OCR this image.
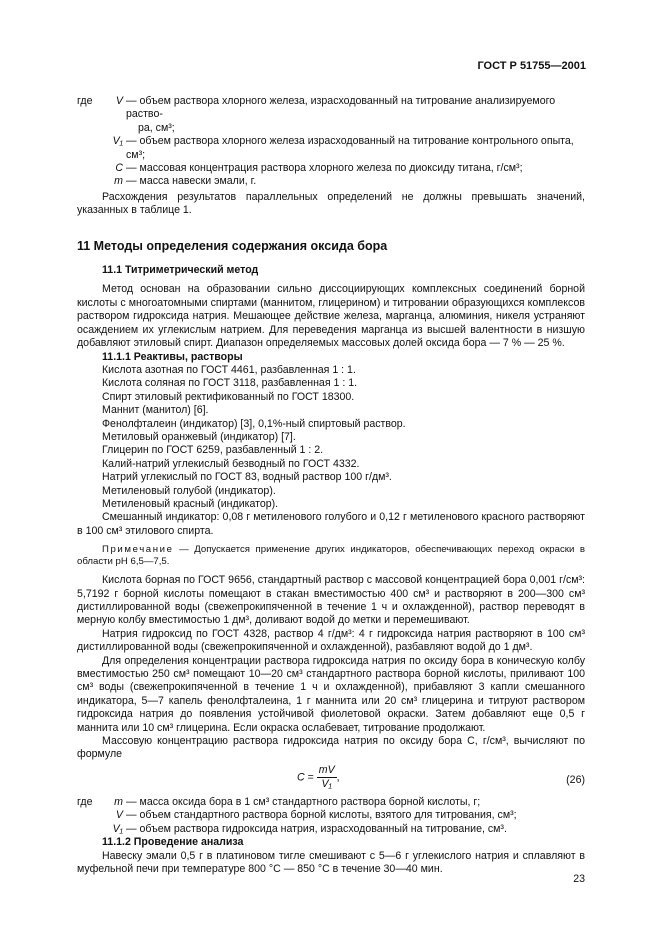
ГОСТ Р 51755—2001
где	V — объем раствора хлорного железа, израсходованный на титрование анализируемого раство-
ра, см³;
V₁ — объем раствора хлорного железа израсходованный на титрование контрольного опыта, см³;
C — массовая концентрация раствора хлорного железа по диоксиду титана, г/см³;
m — масса навески эмали, г.

Расхождения результатов параллельных определений не должны превышать значений, указанных в таблице 1.

11 Методы определения содержания оксида бора
11.1 Титриметрический метод

Метод основан на образовании сильно диссоциирующих комплексных соединений борной кислоты с многоатомными спиртами (маннитом, глицерином) и титровании образующихся комплексов раствором гидроксида натрия. Мешающее действие железа, марганца, алюминия, никеля устраняют осаждением их углекислым натрием. Для переведения марганца из высшей валентности в низшую добавляют этиловый спирт. Диапазон определяемых массовых долей оксида бора — 7 % — 25 %.

11.1.1 Реактивы, растворы

Кислота азотная по ГОСТ 4461, разбавленная 1 : 1.

Кислота соляная по ГОСТ 3118, разбавленная 1 : 1.

Спирт этиловый ректификованный по ГОСТ 18300.

Маннит (манитол) [6].

Фенолфталеин (индикатор) [3], 0,1%-ный спиртовый раствор.

Метиловый оранжевый (индикатор) [7].

Глицерин по ГОСТ 6259, разбавленный 1 : 2.

Калий-натрий углекислый безводный по ГОСТ 4332.

Натрий углекислый по ГОСТ 83, водный раствор 100 г/дм³.

Метиленовый голубой (индикатор).

Метиленовый красный (индикатор).

Смешанный индикатор: 0,08 г метиленового голубого и 0,12 г метиленового красного растворяют в 100 см³ этилового спирта.

Примечание — Допускается применение других индикаторов, обеспечивающих переход окраски в области pH 6,5—7,5.

Кислота борная по ГОСТ 9656, стандартный раствор с массовой концентрацией бора 0,001 г/см³: 5,7192 г борной кислоты помещают в стакан вместимостью 400 см³ и растворяют в 200—300 см³ дистиллированной воды (свежепрокипяченной в течение 1 ч и охлажденной), раствор переводят в мерную колбу вместимостью 1 дм³, доливают водой до метки и перемешивают.

Натрия гидроксид по ГОСТ 4328, раствор 4 г/дм³: 4 г гидроксида натрия растворяют в 100 см³ дистиллированной воды (свежепрокипяченной и охлажденной), разбавляют водой до 1 дм³.

Для определения концентрации раствора гидроксида натрия по оксиду бора в коническую колбу вместимостью 250 см³ помещают 10—20 см³ стандартного раствора борной кислоты, приливают 100 см³ воды (свежепрокипяченной в течение 1 ч и охлажденной), прибавляют 3 капли смешанного индикатора, 5—7 капель фенолфталеина, 1 г маннита или 20 см³ глицерина и титруют раствором гидроксида натрия до появления устойчивой фиолетовой окраски. Затем добавляют еще 0,5 г маннита или 10 см³ глицерина. Если окраска ослабевает, титрование продолжают.

Массовую концентрацию раствора гидроксида натрия по оксиду бора C, г/см³, вычисляют по формуле

$C = \frac{mV}{\text{V₁}}$ ,	(26)
где	m — масса оксида бора в 1 см³ стандартного раствора борной кислоты, г;
V — объем стандартного раствора борной кислоты, взятого для титрования, см³;
V₁ — объем раствора гидроксида натрия, израсходованный на титрование, см³.
11.1.2 Проведение анализа

Навеску эмали 0,5 г в платиновом тигле смешивают с 5—6 г углекислого натрия и сплавляют в муфельной печи при температуре 800 °C — 850 °C в течение 30—40 мин.

23
